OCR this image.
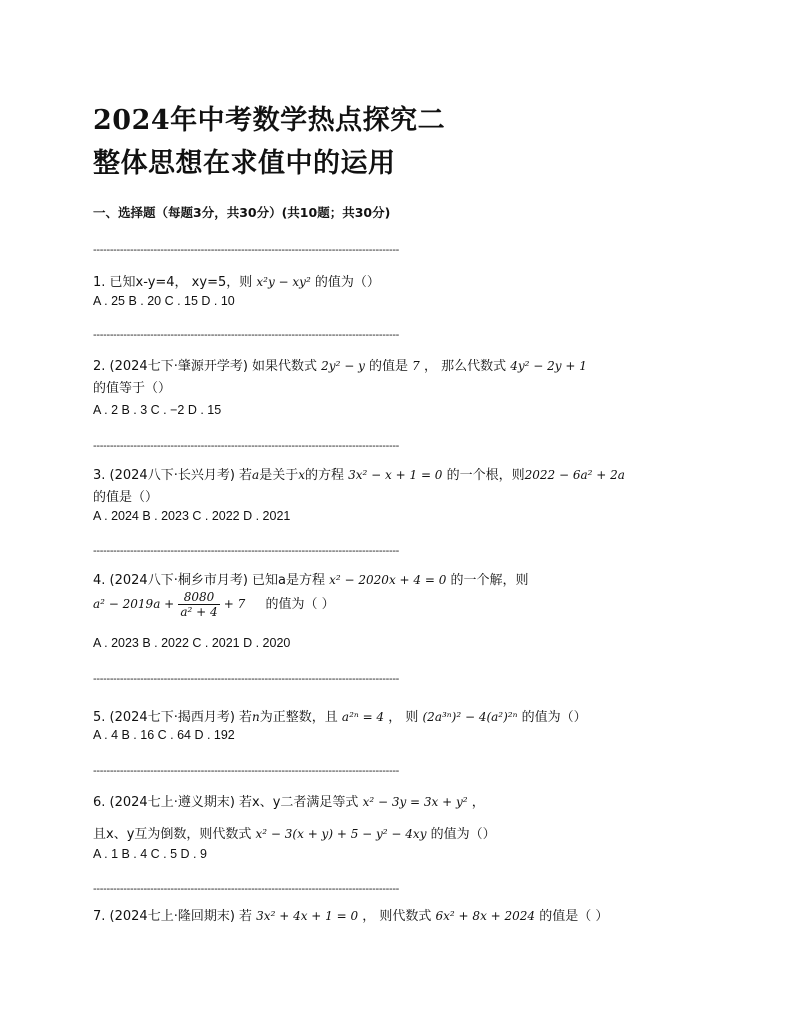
2024年中考数学热点探究二
整体思想在求值中的运用
一、选择题（每题3分，共30分）(共10题；共30分)
-------------------------------------------------------------------------------------------
-------------------------------------------------------------------------------------------
-------------------------------------------------------------------------------------------
-------------------------------------------------------------------------------------------
-------------------------------------------------------------------------------------------
-------------------------------------------------------------------------------------------
-------------------------------------------------------------------------------------------
1. 已知x-y=4， xy=5，则 x²y − xy² 的值为（）
A . 25 B . 20 C . 15 D . 10
2. (2024七下·肇源开学考) 如果代数式 2y² − y 的值是 7 ， 那么代数式 4y² − 2y + 1
的值等于（）
A . 2 B . 3 C . −2 D . 15
3. (2024八下·长兴月考) 若a是关于x的方程 3x² − x + 1 = 0 的一个根，则2022 − 6a² + 2a
的值是（）
A . 2024 B . 2023 C . 2022 D . 2021
4. (2024八下·桐乡市月考) 已知a是方程 x² − 2020x + 4 = 0 的一个解，则
$a^2 - 2019a + \frac{8080}{\text{a² + 4}} + 7$ 的值为（ ）
A . 2023 B . 2022 C . 2021 D . 2020
5. (2024七下·揭西月考) 若n为正整数，且 a²ⁿ = 4 ， 则 (2a³ⁿ)² − 4(a²)²ⁿ 的值为（）
A . 4 B . 16 C . 64 D . 192
6. (2024七上·遵义期末) 若x、y二者满足等式 x² − 3y = 3x + y² ，
且x、y互为倒数，则代数式 x² − 3(x + y) + 5 − y² − 4xy 的值为（）
A . 1 B . 4 C . 5 D . 9
7. (2024七上·隆回期末) 若 3x² + 4x + 1 = 0 ， 则代数式 6x² + 8x + 2024 的值是（ ）
